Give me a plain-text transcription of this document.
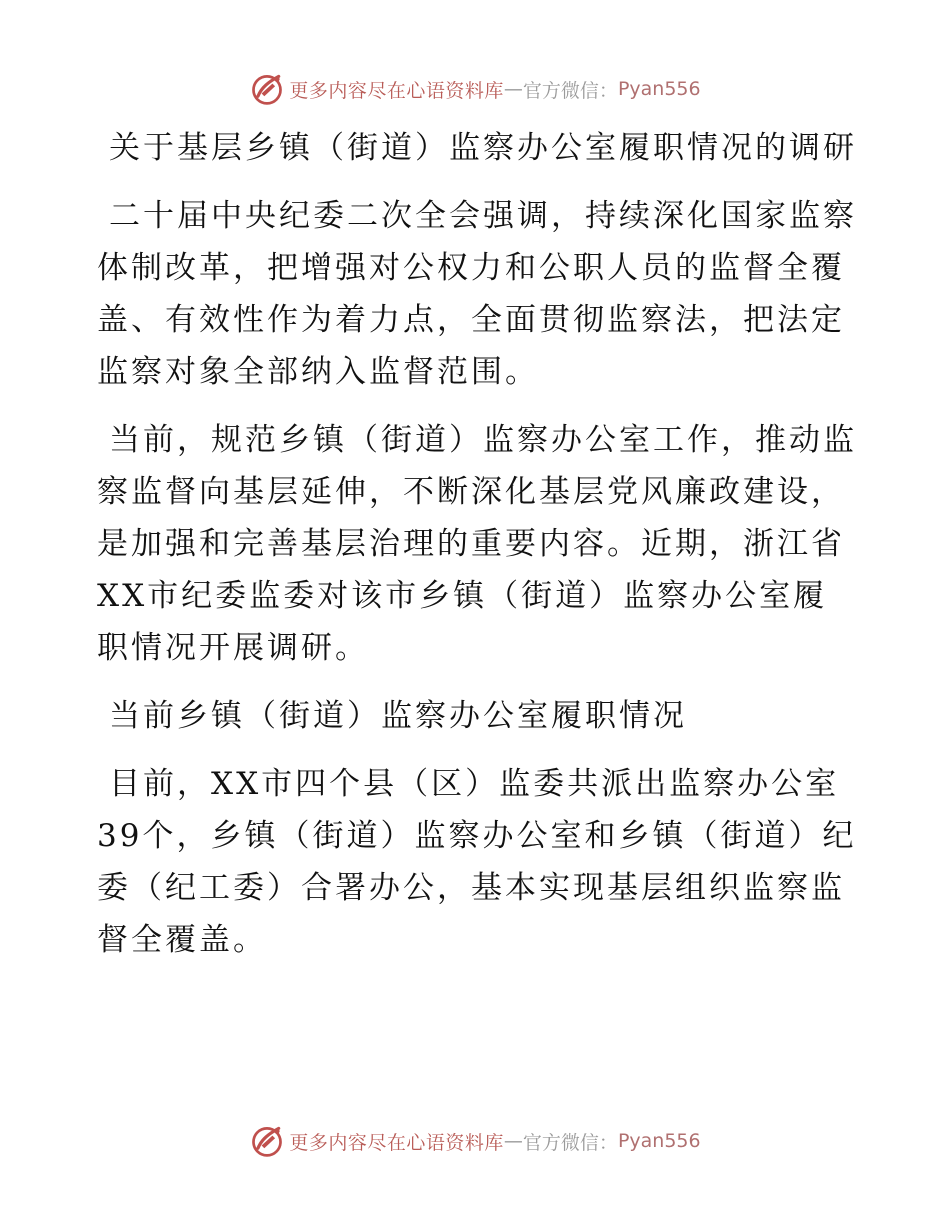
更多内容尽在心语资料库 — 官方微信： Pyan556

关于基层乡镇（街道）监察办公室履职情况的调研

二十届中央纪委二次全会强调，持续深化国家监察体制改革，把增强对公权力和公职人员的监督全覆盖、有效性作为着力点，全面贯彻监察法，把法定监察对象全部纳入监督范围。

当前，规范乡镇（街道）监察办公室工作，推动监察监督向基层延伸，不断深化基层党风廉政建设，是加强和完善基层治理的重要内容。近期，浙江省XX市纪委监委对该市乡镇（街道）监察办公室履职情况开展调研。

当前乡镇（街道）监察办公室履职情况

目前，XX市四个县（区）监委共派出监察办公室39个，乡镇（街道）监察办公室和乡镇（街道）纪委（纪工委）合署办公，基本实现基层组织监察监督全覆盖。

更多内容尽在心语资料库 — 官方微信： Pyan556
